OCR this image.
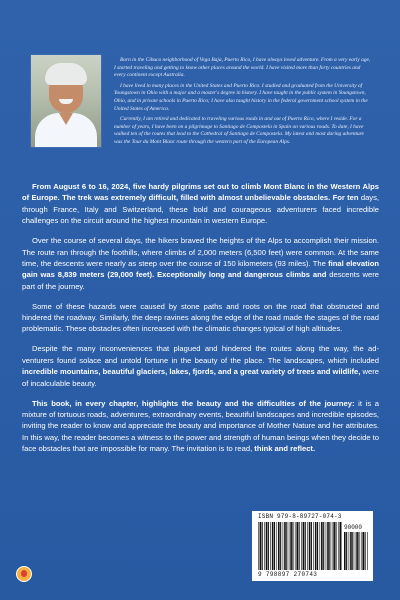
Born in the Cibuco neighborhood of Vega Baja, Puerto Rico, I have always loved adventure. From a very early age, I started traveling and getting to know other places around the world. I have visited more than forty countries and every continent except Australia.

I have lived in many places in the United States and Puerto Rico. I studied and graduated from the University of Youngstown in Ohio with a major and a master's degree in history. I have taught in the public system in Youngstown, Ohio, and in private schools in Puerto Rico; I have also taught history in the federal government school system in the United States of America.

Currently, I am retired and dedicated to traveling various roads in and out of Puerto Rico, where I reside. For a number of years, I have been on a pilgrimage to Santiago de Compostela in Spain on various roads. To date, I have walked ten of the routes that lead to the Cathedral of Santiago de Compostela. My latest and most daring adventure was the Tour du Mont Blanc route through the western part of the European Alps.

From August 6 to 16, 2024, five hardy pilgrims set out to climb Mont Blanc in the Western Alps of Europe. The trek was extremely difficult, filled with almost unbelievable obstacles. For ten days, through France, Italy and Switzerland, these bold and courageous adventurers faced incredible challenges on the circuit around the highest mountain in western Europe.

Over the course of several days, the hikers braved the heights of the Alps to accomplish their mission. The route ran through the foothills, where climbs of 2,000 meters (6,500 feet) were common. At the same time, the descents were nearly as steep over the course of 150 kilometers (93 miles). The final elevation gain was 8,839 meters (29,000 feet). Exceptionally long and dangerous climbs and descents were part of the journey.

Some of these hazards were caused by stone paths and roots on the road that obstructed and hindered the roadway. Similarly, the deep ravines along the edge of the road made the stages of the road problematic. These obstacles often increased with the climatic changes typical of high altitudes.

Despite the many inconveniences that plagued and hindered the routes along the way, the ad-venturers found solace and untold fortune in the beauty of the place. The landscapes, which included incredible mountains, beautiful glaciers, lakes, fjords, and a great variety of trees and wildlife, were of incalculable beauty.

This book, in every chapter, highlights the beauty and the difficulties of the journey: it is a mixture of tortuous roads, adventures, extraordinary events, beautiful landscapes and incredible episodes, inviting the reader to know and appreciate the beauty and importance of Mother Nature and her attributes. In this way, the reader becomes a witness to the power and strength of human beings when they decide to face obstacles that are impossible for many. The invitation is to read, think and reflect.

ISBN 979-8-89727-074-3
90000
9 798897 270743
